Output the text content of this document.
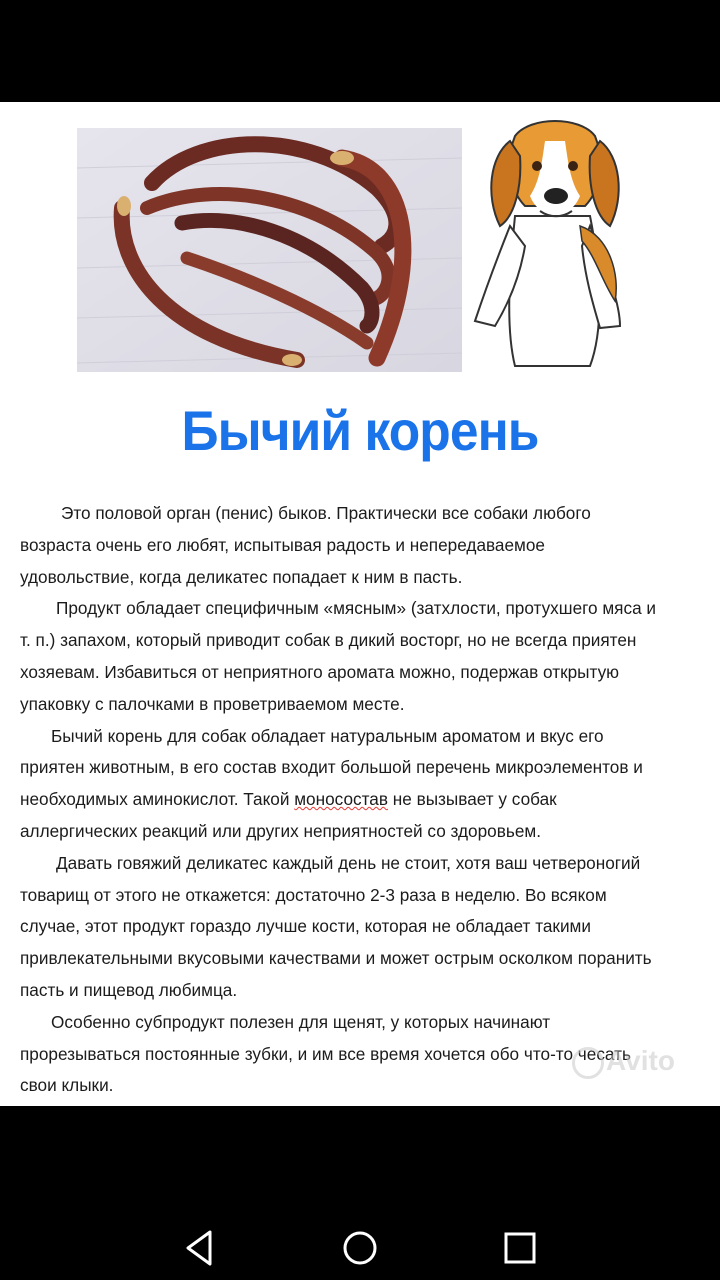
Бычий корень

Это половой орган (пенис) быков. Практически все собаки любого
возраста очень его любят, испытывая радость и непередаваемое
удовольствие, когда деликатес попадает к ним в пасть.

Продукт обладает специфичным «мясным» (затхлости, протухшего мяса и
т. п.) запахом, который приводит собак в дикий восторг, но не всегда приятен
хозяевам. Избавиться от неприятного аромата можно, подержав открытую
упаковку с палочками в проветриваемом месте.

Бычий корень для собак обладает натуральным ароматом и вкус его
приятен животным, в его состав входит большой перечень микроэлементов и
необходимых аминокислот. Такой моносостав не вызывает у собак
аллергических реакций или других неприятностей со здоровьем.

Давать говяжий деликатес каждый день не стоит, хотя ваш четвероногий
товарищ от этого не откажется: достаточно 2-3 раза в неделю. Во всяком
случае, этот продукт гораздо лучше кости, которая не обладает такими
привлекательными вкусовыми качествами и может острым осколком поранить
пасть и пищевод любимца.

Особенно субпродукт полезен для щенят, у которых начинают
прорезываться постоянные зубки, и им все время хочется обо что-то чесать
свои клыки.

Avito
